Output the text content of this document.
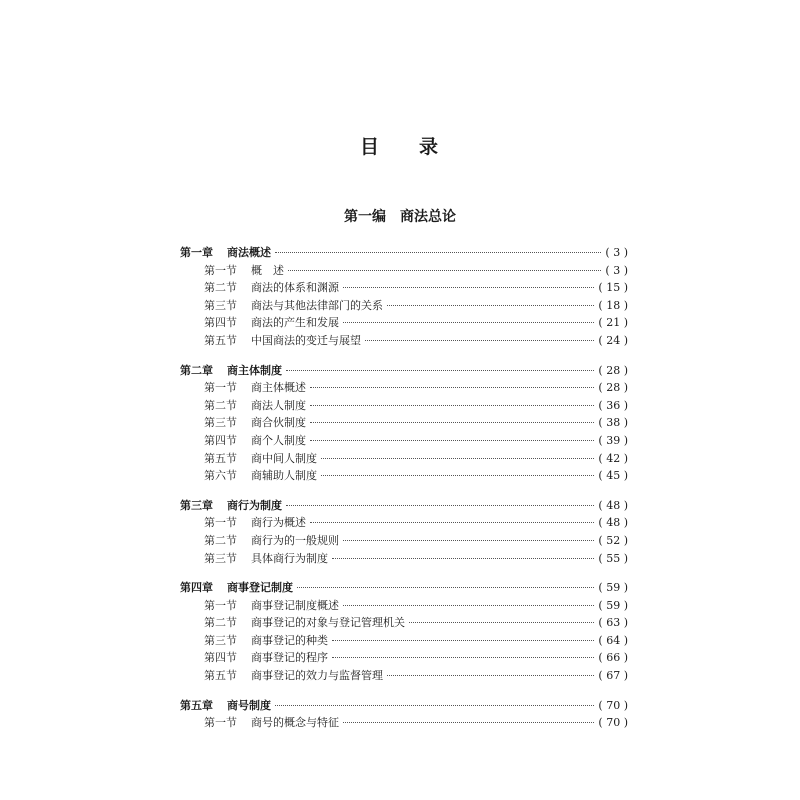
目 录
第一编 商法总论
第一章	商法概述	( 3 )
第一节	概　述	( 3 )
第二节	商法的体系和渊源	( 15 )
第三节	商法与其他法律部门的关系	( 18 )
第四节	商法的产生和发展	( 21 )
第五节	中国商法的变迁与展望	( 24 )
第二章	商主体制度	( 28 )
第一节	商主体概述	( 28 )
第二节	商法人制度	( 36 )
第三节	商合伙制度	( 38 )
第四节	商个人制度	( 39 )
第五节	商中间人制度	( 42 )
第六节	商辅助人制度	( 45 )
第三章	商行为制度	( 48 )
第一节	商行为概述	( 48 )
第二节	商行为的一般规则	( 52 )
第三节	具体商行为制度	( 55 )
第四章	商事登记制度	( 59 )
第一节	商事登记制度概述	( 59 )
第二节	商事登记的对象与登记管理机关	( 63 )
第三节	商事登记的种类	( 64 )
第四节	商事登记的程序	( 66 )
第五节	商事登记的效力与监督管理	( 67 )
第五章	商号制度	( 70 )
第一节	商号的概念与特征	( 70 )
